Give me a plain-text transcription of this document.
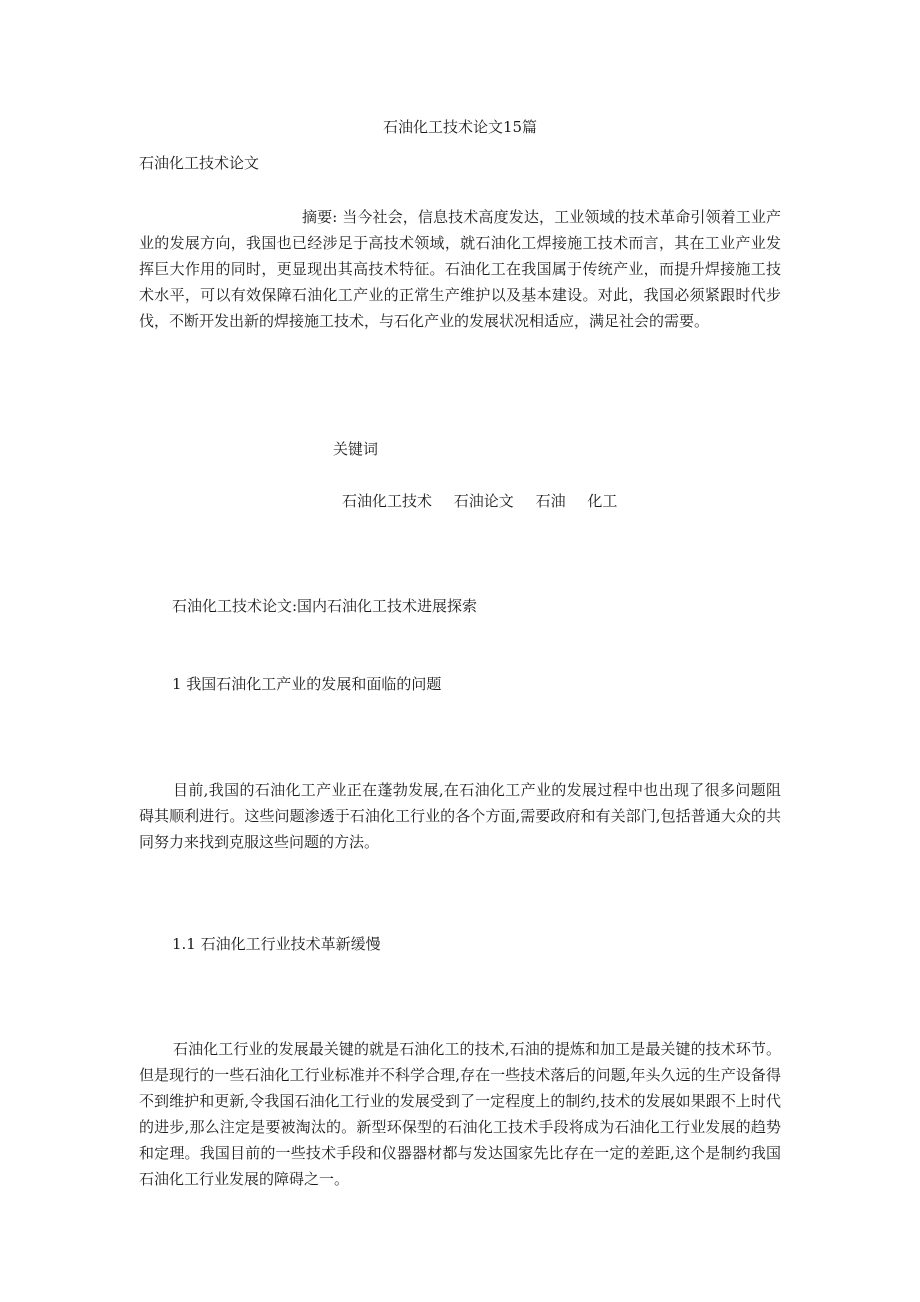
石油化工技术论文15篇

石油化工技术论文

摘要: 当今社会，信息技术高度发达，工业领域的技术革命引领着工业产业的发展方向，我国也已经涉足于高技术领域，就石油化工焊接施工技术而言，其在工业产业发挥巨大作用的同时，更显现出其高技术特征。石油化工在我国属于传统产业，而提升焊接施工技术水平，可以有效保障石油化工产业的正常生产维护以及基本建设。对此，我国必须紧跟时代步伐，不断开发出新的焊接施工技术，与石化产业的发展状况相适应，满足社会的需要。

关键词

石油化工技术 石油论文 石油 化工

石油化工技术论文:国内石油化工技术进展探索

1 我国石油化工产业的发展和面临的问题

目前,我国的石油化工产业正在蓬勃发展,在石油化工产业的发展过程中也出现了很多问题阻碍其顺利进行。这些问题渗透于石油化工行业的各个方面,需要政府和有关部门,包括普通大众的共同努力来找到克服这些问题的方法。

1.1 石油化工行业技术革新缓慢

石油化工行业的发展最关键的就是石油化工的技术,石油的提炼和加工是最关键的技术环节。但是现行的一些石油化工行业标准并不科学合理,存在一些技术落后的问题,年头久远的生产设备得不到维护和更新,令我国石油化工行业的发展受到了一定程度上的制约,技术的发展如果跟不上时代的进步,那么注定是要被淘汰的。新型环保型的石油化工技术手段将成为石油化工行业发展的趋势和定理。我国目前的一些技术手段和仪器器材都与发达国家先比存在一定的差距,这个是制约我国石油化工行业发展的障碍之一。
